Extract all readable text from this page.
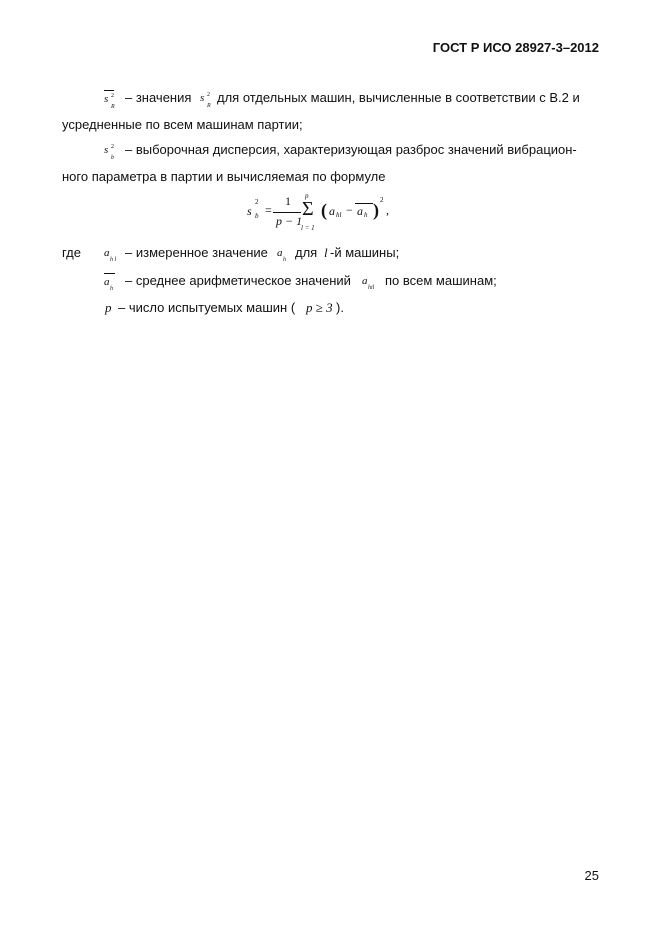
ГОСТ Р ИСО 28927-3–2012
s 2
R

– значения s 2
R
для отдельных машин, вычисленные в соответствии с В.2 и
усредненные по всем машинам партии;
s 2
b
– выборочная дисперсия, характеризующая разброс значений вибрацион-
ного параметра в партии и вычисляемая по формуле
s
2
b =
1
p − 1
p
Σ
l = 1
( a hl − a h ) 2
,
где a
h l – измеренное значение a
h для l -й машины;
a
h

– среднее арифметическое значений a
hil по всем машинам;
p – число испытуемых машин ( p ≥ 3 ).
25
